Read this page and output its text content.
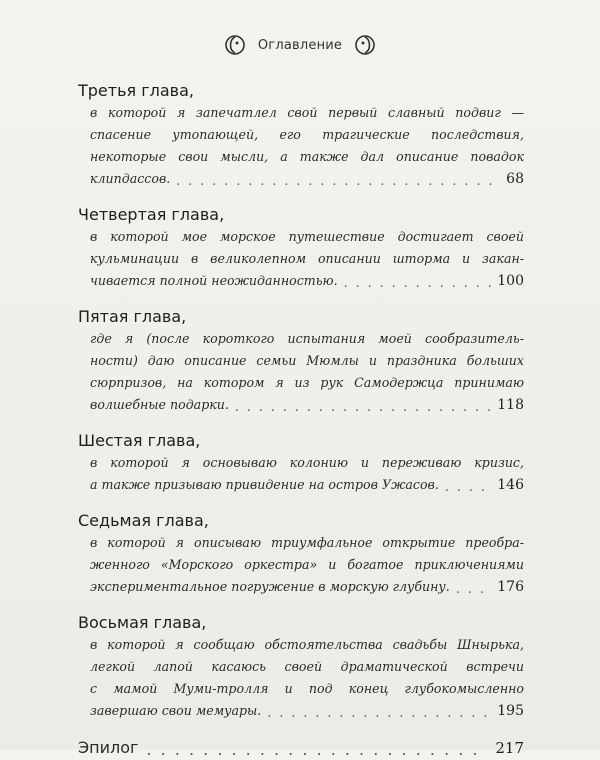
Оглавление
Третья глава,
в которой я запечатлел свой первый славный подвиг —
спасение утопающей, его трагические последствия,
некоторые свои мысли, а также дал описание повадок
клипдассов. . . .	68
Четвертая глава,
в которой мое морское путешествие достигает своей
кульминации в великолепном описании шторма и закан-
чивается полной неожиданностью. . . .	100
Пятая глава,
где я (после короткого испытания моей сообразитель-
ности) даю описание семьи Мюмлы и праздника больших
сюрпризов, на котором я из рук Самодержца принимаю
волшебные подарки. . . .	118
Шестая глава,
в которой я основываю колонию и переживаю кризис,
а также призываю привидение на остров Ужасов. . . .	146
Седьмая глава,
в которой я описываю триумфальное открытие преобра-
женного «Морского оркестра» и богатое приключениями
экспериментальное погружение в морскую глубину. . . .	176
Восьмая глава,
в которой я сообщаю обстоятельства свадьбы Шнырька,
легкой лапой касаюсь своей драматической встречи
с мамой Муми-тролля и под конец глубокомысленно
завершаю свои мемуары. . . .	195
Эпилог . . .	217
